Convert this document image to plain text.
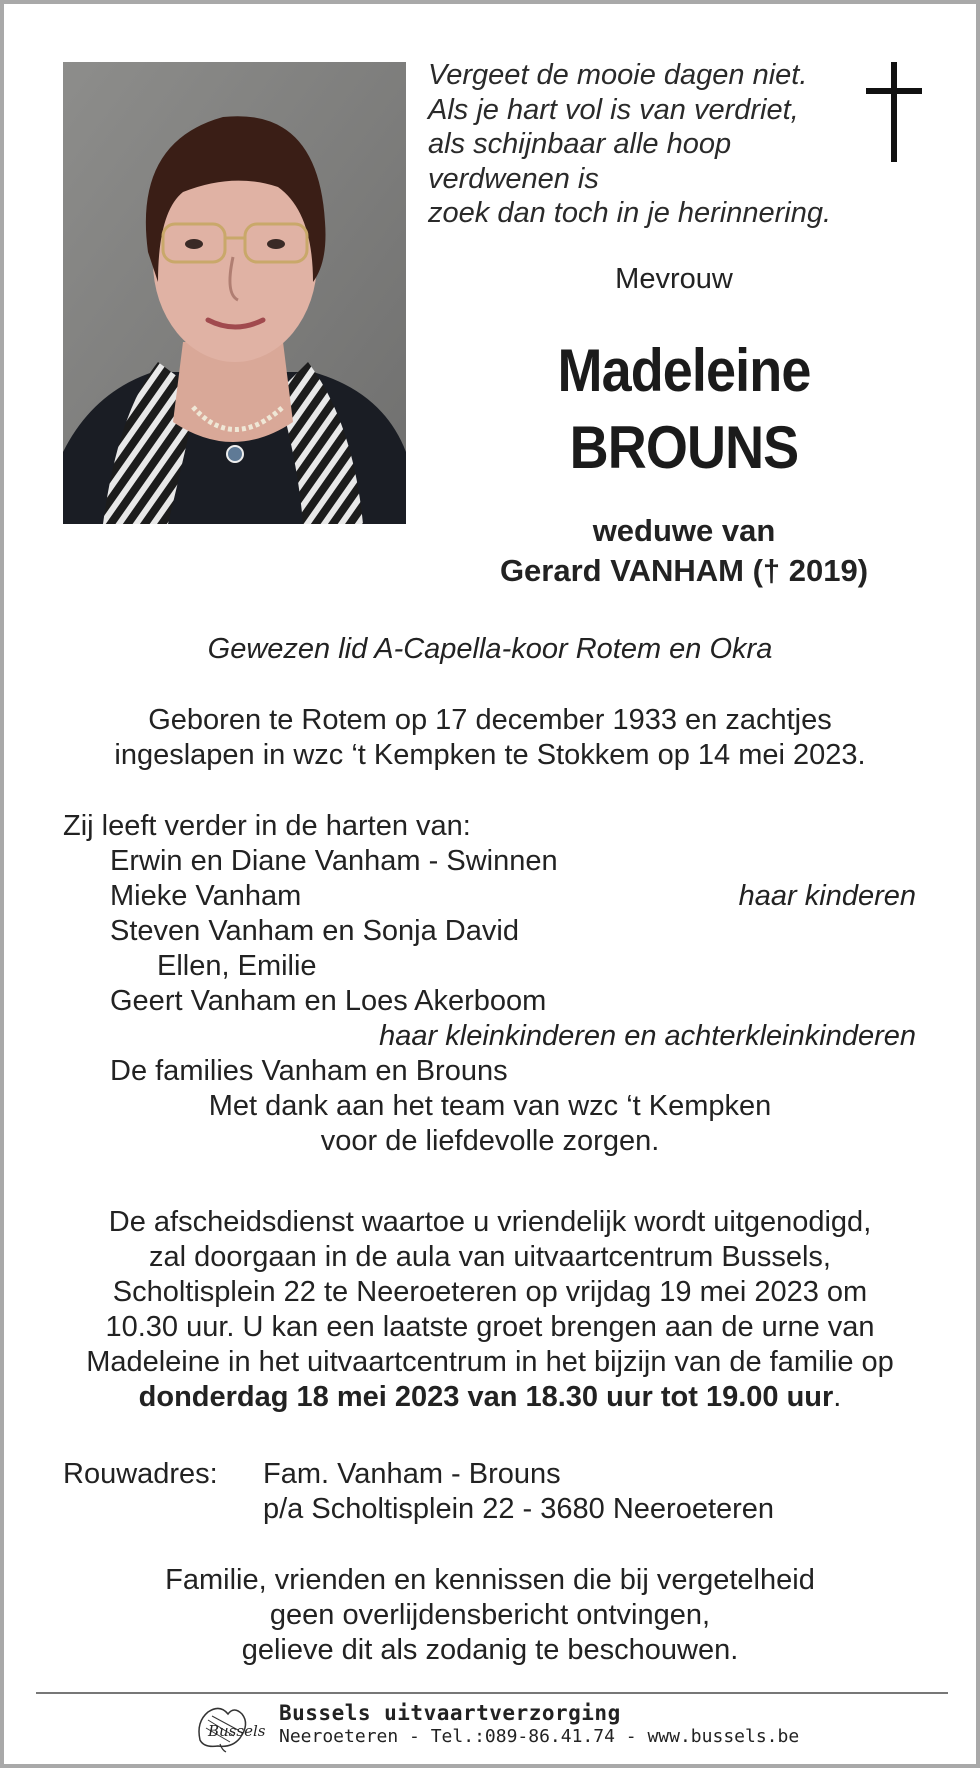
Vergeet de mooie dagen niet.
Als je hart vol is van verdriet,
als schijnbaar alle hoop
verdwenen is
zoek dan toch in je herinnering.
Mevrouw
Madeleine
BROUNS
weduwe van
Gerard VANHAM († 2019)
Gewezen lid A-Capella-koor Rotem en Okra
Geboren te Rotem op 17 december 1933 en zachtjes
ingeslapen in wzc ‘t Kempken te Stokkem op 14 mei 2023.
Zij leeft verder in de harten van:
Erwin en Diane Vanham - Swinnen
Mieke Vanham	haar kinderen
Steven Vanham en Sonja David
Ellen, Emilie
Geert Vanham en Loes Akerboom
haar kleinkinderen en achterkleinkinderen
De families Vanham en Brouns
Met dank aan het team van wzc ‘t Kempken
voor de liefdevolle zorgen.
De afscheidsdienst waartoe u vriendelijk wordt uitgenodigd,
zal doorgaan in de aula van uitvaartcentrum Bussels,
Scholtisplein 22 te Neeroeteren op vrijdag 19 mei 2023 om
10.30 uur. U kan een laatste groet brengen aan de urne van
Madeleine in het uitvaartcentrum in het bijzijn van de familie op
donderdag 18 mei 2023 van 18.30 uur tot 19.00 uur.
Rouwadres: Fam. Vanham - Brouns
p/a Scholtisplein 22 - 3680 Neeroeteren
Familie, vrienden en kennissen die bij vergetelheid
geen overlijdensbericht ontvingen,
gelieve dit als zodanig te beschouwen.
Bussels
Bussels uitvaartverzorging
Neeroeteren - Tel.:089-86.41.74 - www.bussels.be
